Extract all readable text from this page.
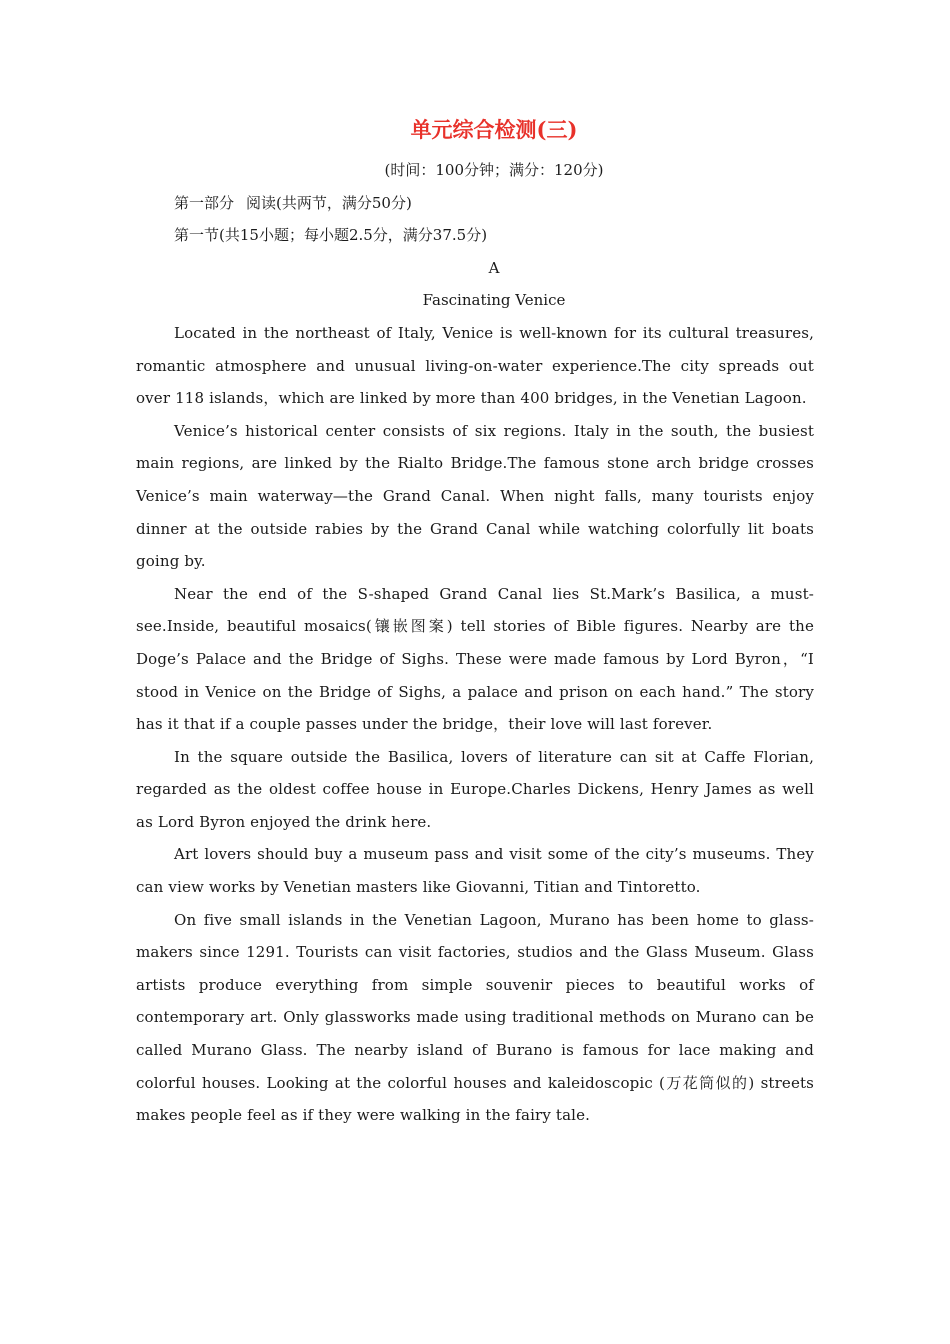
单元综合检测(三)
(时间：100分钟；满分：120分)
第一部分 阅读(共两节，满分50分)
第一节(共15小题；每小题2.5分，满分37.5分)
A
Fascinating Venice

Located in the northeast of Italy, Venice is well-known for its cultural treasures, romantic atmosphere and unusual living-on-water experience.The city spreads out over 118 islands，which are linked by more than 400 bridges, in the Venetian Lagoon.

Venice’s historical center consists of six regions. Italy in the south, the busiest main regions, are linked by the Rialto Bridge.The famous stone arch bridge crosses Venice’s main waterway—the Grand Canal. When night falls, many tourists enjoy dinner at the outside rabies by the Grand Canal while watching colorfully lit boats going by.

Near the end of the S-shaped Grand Canal lies St.Mark’s Basilica, a must-see.Inside, beautiful mosaics(镶嵌图案) tell stories of Bible figures. Nearby are the Doge’s Palace and the Bridge of Sighs. These were made famous by Lord Byron，“I stood in Venice on the Bridge of Sighs, a palace and prison on each hand.” The story has it that if a couple passes under the bridge，their love will last forever.

In the square outside the Basilica, lovers of literature can sit at Caffe Florian, regarded as the oldest coffee house in Europe.Charles Dickens, Henry James as well as Lord Byron enjoyed the drink here.

Art lovers should buy a museum pass and visit some of the city’s museums. They can view works by Venetian masters like Giovanni, Titian and Tintoretto.

On five small islands in the Venetian Lagoon, Murano has been home to glass-makers since 1291. Tourists can visit factories, studios and the Glass Museum. Glass artists produce everything from simple souvenir pieces to beautiful works of contemporary art. Only glassworks made using traditional methods on Murano can be called Murano Glass. The nearby island of Burano is famous for lace making and colorful houses. Looking at the colorful houses and kaleidoscopic (万花筒似的) streets makes people feel as if they were walking in the fairy tale.
